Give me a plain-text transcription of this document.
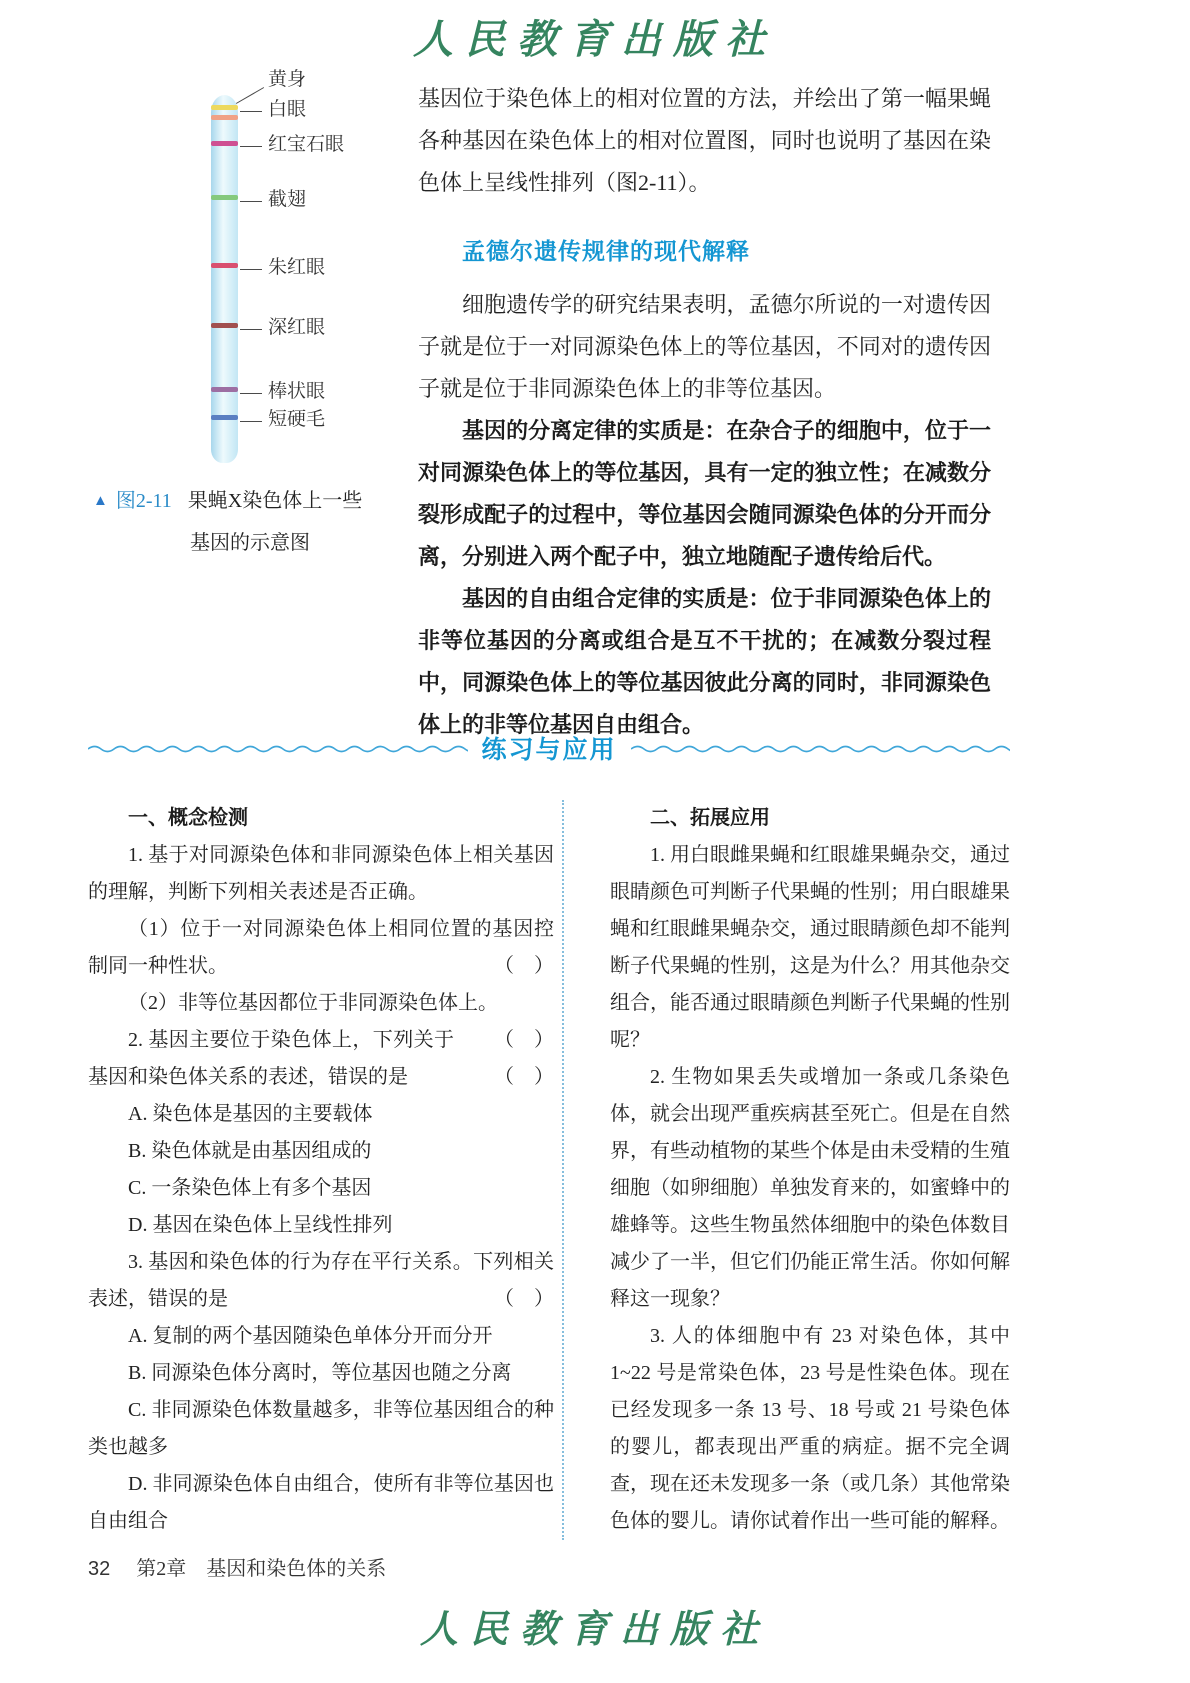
人民教育出版社
▲ 图2-11 果蝇X染色体上一些
基因的示意图
黄身
白眼
红宝石眼
截翅
朱红眼
深红眼
棒状眼
短硬毛

基因位于染色体上的相对位置的方法，并绘出了第一幅果蝇各种基因在染色体上的相对位置图，同时也说明了基因在染色体上呈线性排列（图2-11）。

孟德尔遗传规律的现代解释

细胞遗传学的研究结果表明，孟德尔所说的一对遗传因子就是位于一对同源染色体上的等位基因，不同对的遗传因子就是位于非同源染色体上的非等位基因。

基因的分离定律的实质是：在杂合子的细胞中，位于一对同源染色体上的等位基因，具有一定的独立性；在减数分裂形成配子的过程中，等位基因会随同源染色体的分开而分离，分别进入两个配子中，独立地随配子遗传给后代。

基因的自由组合定律的实质是：位于非同源染色体上的非等位基因的分离或组合是互不干扰的；在减数分裂过程中，同源染色体上的等位基因彼此分离的同时，非同源染色体上的非等位基因自由组合。

练习与应用

一、概念检测

1. 基于对同源染色体和非同源染色体上相关基因的理解，判断下列相关表述是否正确。

（1）位于一对同源染色体上相同位置的基因控制同一种性状。	（　）

（2）非等位基因都位于非同源染色体上。
（　）

2. 基因主要位于染色体上，下列关于基因和染色体关系的表述，错误的是	（　）

A. 染色体是基因的主要载体

B. 染色体就是由基因组成的

C. 一条染色体上有多个基因

D. 基因在染色体上呈线性排列

3. 基因和染色体的行为存在平行关系。下列相关表述，错误的是	（　）

A. 复制的两个基因随染色单体分开而分开

B. 同源染色体分离时，等位基因也随之分离

C. 非同源染色体数量越多，非等位基因组合的种类也越多

D. 非同源染色体自由组合，使所有非等位基因也自由组合

二、拓展应用

1. 用白眼雌果蝇和红眼雄果蝇杂交，通过眼睛颜色可判断子代果蝇的性别；用白眼雄果蝇和红眼雌果蝇杂交，通过眼睛颜色却不能判断子代果蝇的性别，这是为什么？用其他杂交组合，能否通过眼睛颜色判断子代果蝇的性别呢？

2. 生物如果丢失或增加一条或几条染色体，就会出现严重疾病甚至死亡。但是在自然界，有些动植物的某些个体是由未受精的生殖细胞（如卵细胞）单独发育来的，如蜜蜂中的雄蜂等。这些生物虽然体细胞中的染色体数目减少了一半，但它们仍能正常生活。你如何解释这一现象？

3. 人的体细胞中有 23 对染色体，其中1~22 号是常染色体，23 号是性染色体。现在已经发现多一条 13 号、18 号或 21 号染色体的婴儿，都表现出严重的病症。据不完全调查，现在还未发现多一条（或几条）其他常染色体的婴儿。请你试着作出一些可能的解释。

32 第2章　基因和染色体的关系
人民教育出版社
